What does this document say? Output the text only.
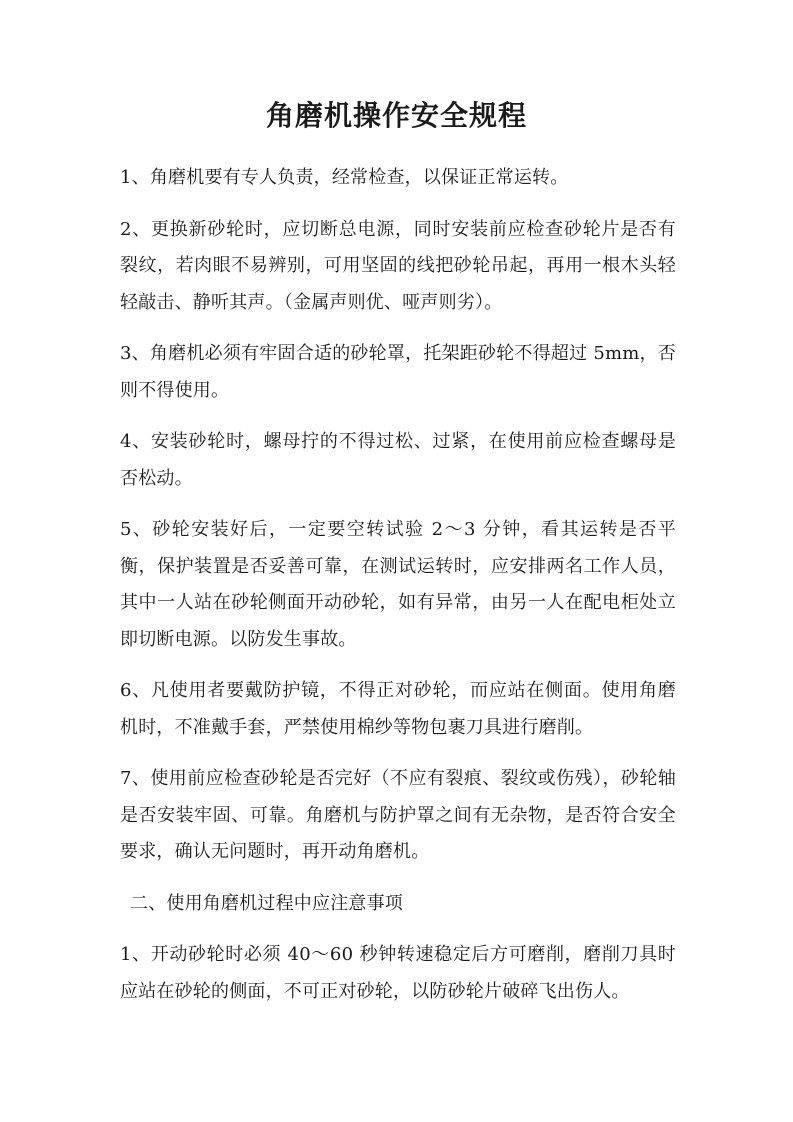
角磨机操作安全规程

1、角磨机要有专人负责，经常检查，以保证正常运转。

2、更换新砂轮时，应切断总电源，同时安装前应检查砂轮片是否有裂纹，若肉眼不易辨别，可用坚固的线把砂轮吊起，再用一根木头轻轻敲击、静听其声。（金属声则优、哑声则劣）。

3、角磨机必须有牢固合适的砂轮罩，托架距砂轮不得超过 5mm，否则不得使用。

4、安装砂轮时，螺母拧的不得过松、过紧，在使用前应检查螺母是否松动。

5、砂轮安装好后，一定要空转试验 2～3 分钟，看其运转是否平衡，保护装置是否妥善可靠，在测试运转时，应安排两名工作人员，其中一人站在砂轮侧面开动砂轮，如有异常，由另一人在配电柜处立即切断电源。以防发生事故。

6、凡使用者要戴防护镜，不得正对砂轮，而应站在侧面。使用角磨机时，不准戴手套，严禁使用棉纱等物包裹刀具进行磨削。

7、使用前应检查砂轮是否完好（不应有裂痕、裂纹或伤残），砂轮轴是否安装牢固、可靠。角磨机与防护罩之间有无杂物，是否符合安全要求，确认无问题时，再开动角磨机。

二、使用角磨机过程中应注意事项

1、开动砂轮时必须 40～60 秒钟转速稳定后方可磨削，磨削刀具时应站在砂轮的侧面，不可正对砂轮，以防砂轮片破碎飞出伤人。
